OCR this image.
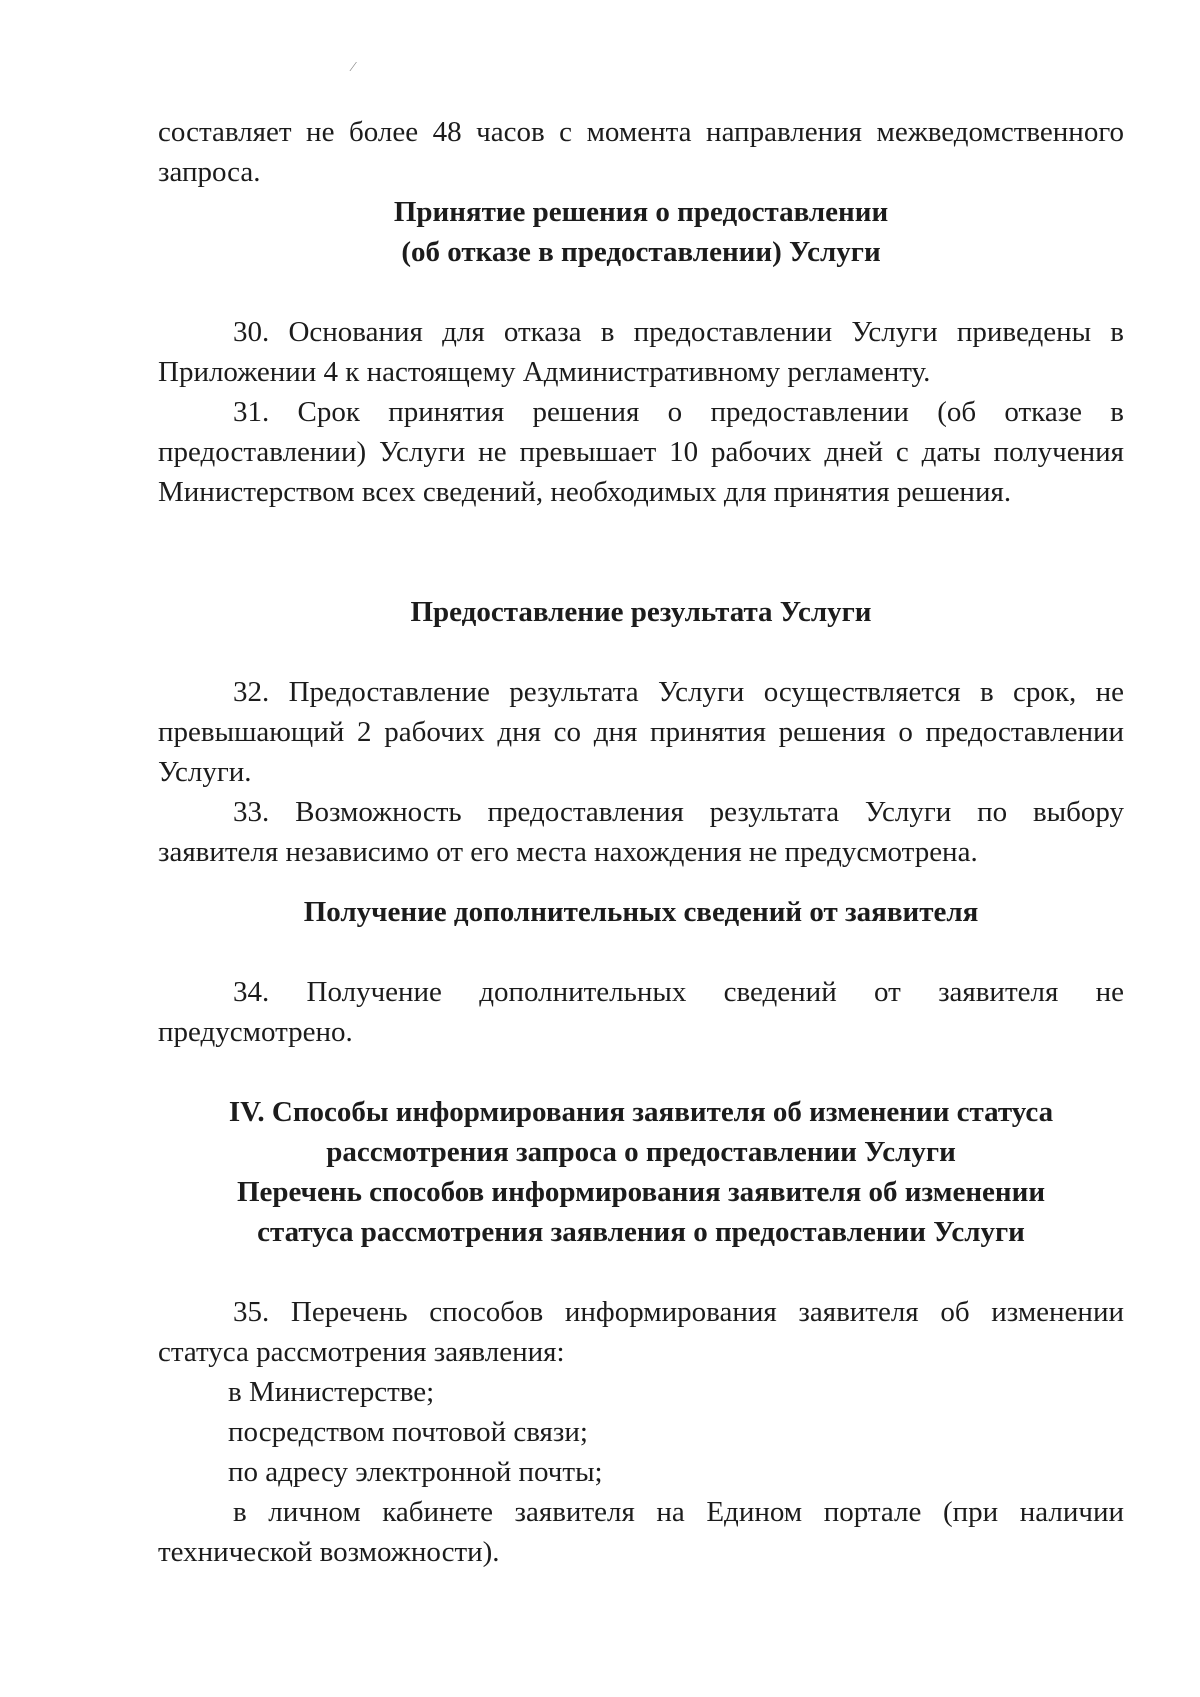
⁄

составляет не более 48 часов с момента направления межведомственного запроса.

Принятие решения о предоставлении

(об отказе в предоставлении) Услуги

30. Основания для отказа в предоставлении Услуги приведены в Приложении 4 к настоящему Административному регламенту.

31. Срок принятия решения о предоставлении (об отказе в предоставлении) Услуги не превышает 10 рабочих дней с даты получения Министерством всех сведений, необходимых для принятия решения.

Предоставление результата Услуги

32. Предоставление результата Услуги осуществляется в срок, не превышающий 2 рабочих дня со дня принятия решения о предоставлении Услуги.

33. Возможность предоставления результата Услуги по выбору заявителя независимо от его места нахождения не предусмотрена.

Получение дополнительных сведений от заявителя

34. Получение дополнительных сведений от заявителя не предусмотрено.

IV. Способы информирования заявителя об изменении статуса

рассмотрения запроса о предоставлении Услуги

Перечень способов информирования заявителя об изменении

статуса рассмотрения заявления о предоставлении Услуги

35. Перечень способов информирования заявителя об изменении статуса рассмотрения заявления:

в Министерстве;

посредством почтовой связи;

по адресу электронной почты;

в личном кабинете заявителя на Едином портале (при наличии технической возможности).
